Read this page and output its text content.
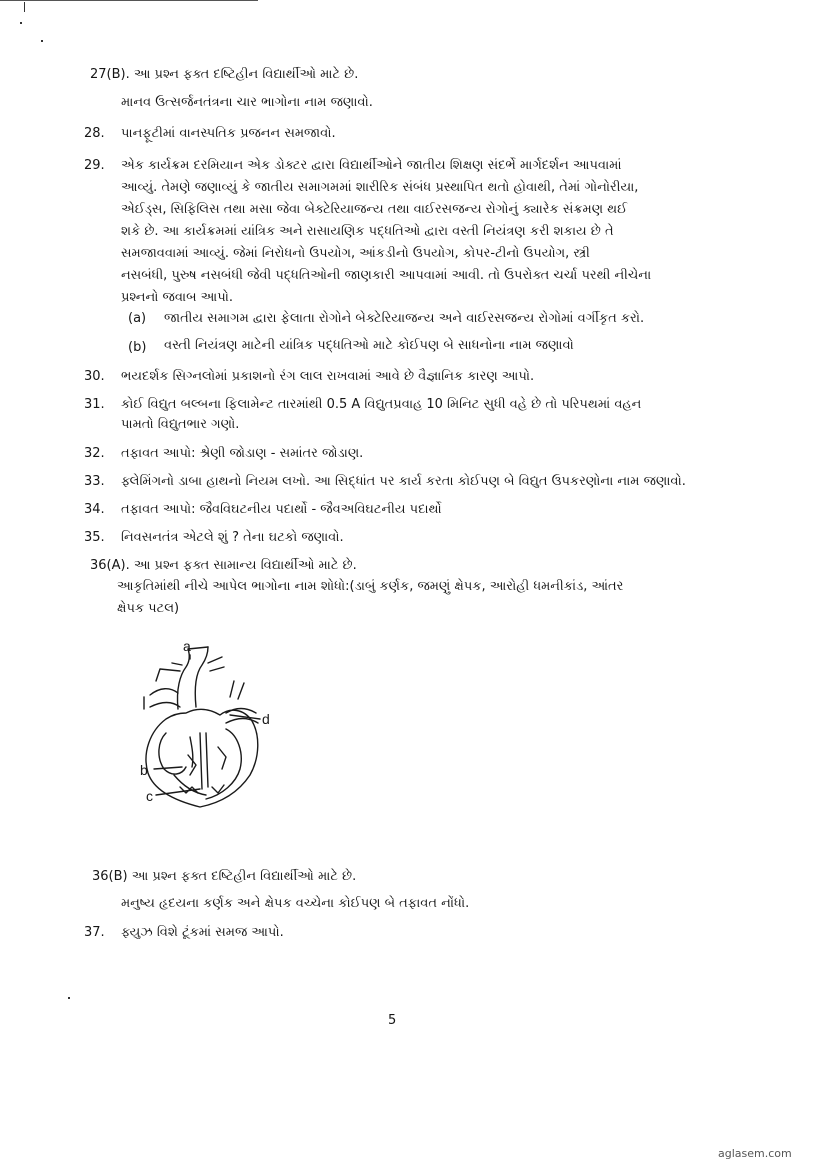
27(B). આ પ્રશ્ન ફક્ત દષ્ટિહીન વિદ્યાર્થીઓ માટે છે.
માનવ ઉત્સર્જનતંત્રના ચાર ભાગોના નામ જણાવો.
28. પાનફૂટીમાં વાનસ્પતિક પ્રજનન સમજાવો.
29. એક કાર્યક્રમ દરમિયાન એક ડોક્ટર દ્વારા વિદ્યાર્થીઓને જાતીય શિક્ષણ સંદર્ભે માર્ગદર્શન આપવામાં
આવ્યું. તેમણે જણાવ્યું કે જાતીય સમાગમમાં શારીરિક સંબંધ પ્રસ્થાપિત થતો હોવાથી, તેમાં ગોનોરીયા,
એઈડ્સ, સિફિલિસ તથા મસા જેવા બેક્ટેરિયાજન્ય તથા વાઈરસજન્ય રોગોનું ક્યારેક સંક્રમણ થઈ
શકે છે. આ કાર્યક્રમમાં યાંત્રિક અને રાસાયણિક પદ્ધતિઓ દ્વારા વસ્તી નિયંત્રણ કરી શકાય છે તે
સમજાવવામાં આવ્યું. જેમાં નિરોધનો ઉપયોગ, આંકડીનો ઉપયોગ, કોપર-ટીનો ઉપયોગ, સ્ત્રી
નસબંધી, પુરુષ નસબંધી જેવી પદ્ધતિઓની જાણકારી આપવામાં આવી. તો ઉપરોક્ત ચર્ચા પરથી નીચેના
પ્રશ્નનો જવાબ આપો.
(a) જાતીય સમાગમ દ્વારા ફેલાતા રોગોને બેક્ટેરિયાજન્ય અને વાઈરસજન્ય રોગોમાં વર્ગીકૃત કરો.
(b) વસ્તી નિયંત્રણ માટેની યાંત્રિક પદ્ધતિઓ માટે કોઈપણ બે સાધનોના નામ જણાવો
30. ભયદર્શક સિગ્નલોમાં પ્રકાશનો રંગ લાલ રાખવામાં આવે છે વૈજ્ઞાનિક કારણ આપો.
31. કોઈ વિદ્યુત બલ્બના ફિલામેન્ટ તારમાંથી 0.5 A વિદ્યુતપ્રવાહ 10 મિનિટ સુધી વહે છે તો પરિપથમાં વહન
પામતો વિદ્યુતભાર ગણો.
32. તફાવત આપો: શ્રેણી જોડાણ - સમાંતર જોડાણ.
33. ફ્લેમિંગનો ડાબા હાથનો નિયમ લખો. આ સિદ્ધાંત પર કાર્ય કરતા કોઈપણ બે વિદ્યુત ઉપકરણોના નામ જણાવો.
34. તફાવત આપો: જૈવવિઘટનીય પદાર્થો - જૈવઅવિઘટનીય પદાર્થો
35. નિવસનતંત્ર એટલે શું ? તેના ઘટકો જણાવો.
36(A). આ પ્રશ્ન ફક્ત સામાન્ય વિદ્યાર્થીઓ માટે છે.
આકૃતિમાંથી નીચે આપેલ ભાગોના નામ શોધો:(ડાબું કર્ણક, જમણું ક્ષેપક, આરોહી ધમનીકાંડ, આંતર
ક્ષેપક પટલ)
a
d
b
c
36(B) આ પ્રશ્ન ફક્ત દષ્ટિહીન વિદ્યાર્થીઓ માટે છે.
મનુષ્ય હૃદયના કર્ણક અને ક્ષેપક વચ્ચેના કોઈપણ બે તફાવત નોંધો.
37. ફ્યુઝ વિશે ટૂંકમાં સમજ આપો.
5
aglasem.com
